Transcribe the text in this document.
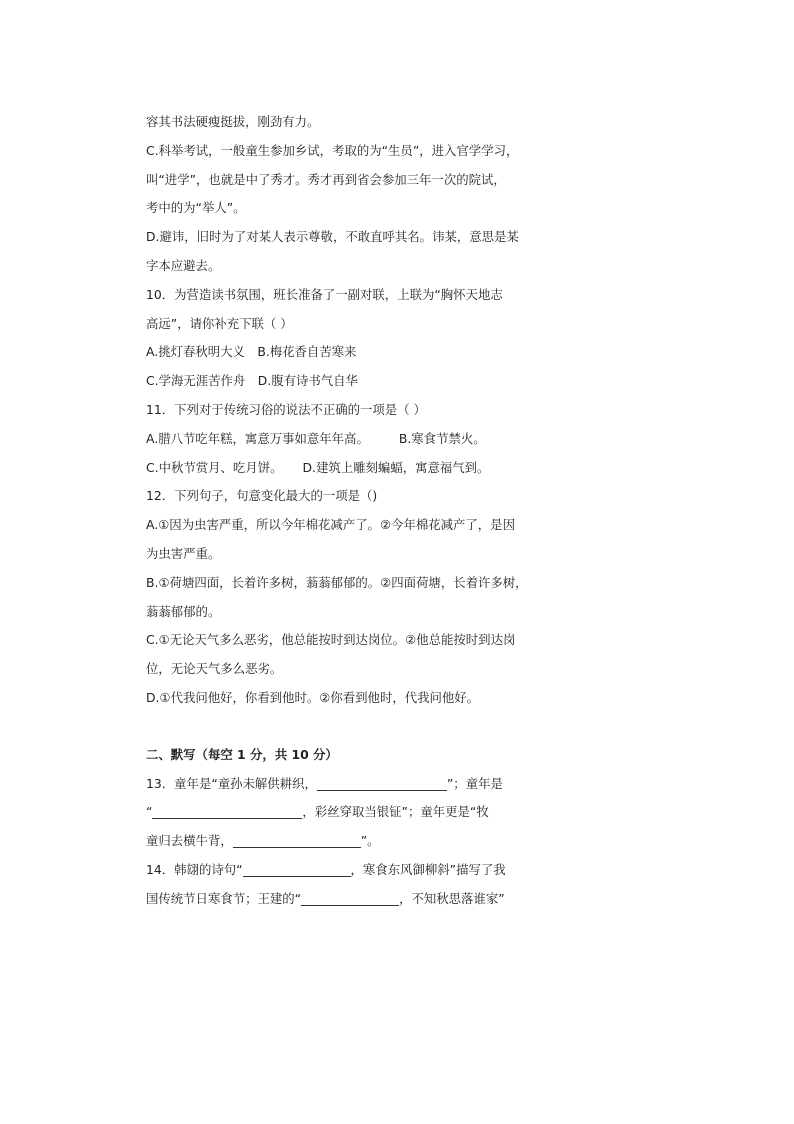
容其书法硬瘦挺拔，刚劲有力。
C.科举考试，一般童生参加乡试，考取的为“生员”，进入官学学习，
叫“进学”，也就是中了秀才。秀才再到省会参加三年一次的院试，
考中的为“举人”。
D.避讳，旧时为了对某人表示尊敬，不敢直呼其名。讳某，意思是某
字本应避去。
10．为营造读书氛围，班长准备了一副对联，上联为“胸怀天地志
高远”，请你补充下联（ ）
A.挑灯春秋明大义　B.梅花香自苦寒来
C.学海无涯苦作舟　D.腹有诗书气自华
11．下列对于传统习俗的说法不正确的一项是（ ）
A.腊八节吃年糕，寓意万事如意年年高。 B.寒食节禁火。
C.中秋节赏月、吃月饼。 D.建筑上雕刻蝙蝠，寓意福气到。
12．下列句子，句意变化最大的一项是（)
A.①因为虫害严重，所以今年棉花减产了。②今年棉花减产了，是因
为虫害严重。
B.①荷塘四面，长着许多树，蓊蓊郁郁的。②四面荷塘，长着许多树，
蓊蓊郁郁的。
C.①无论天气多么恶劣，他总能按时到达岗位。②他总能按时到达岗
位，无论天气多么恶劣。
D.①代我问他好，你看到他时。②你看到他时，代我问他好。
二、默写（每空 1 分，共 10 分）
13．童年是“童孙未解供耕织，	”；童年是
“	，彩丝穿取当银钲”；童年更是“牧
童归去横牛背，	”。
14．韩翃的诗句“	，寒食东风御柳斜”描写了我
国传统节日寒食节；王建的“	，不知秋思落谁家”
